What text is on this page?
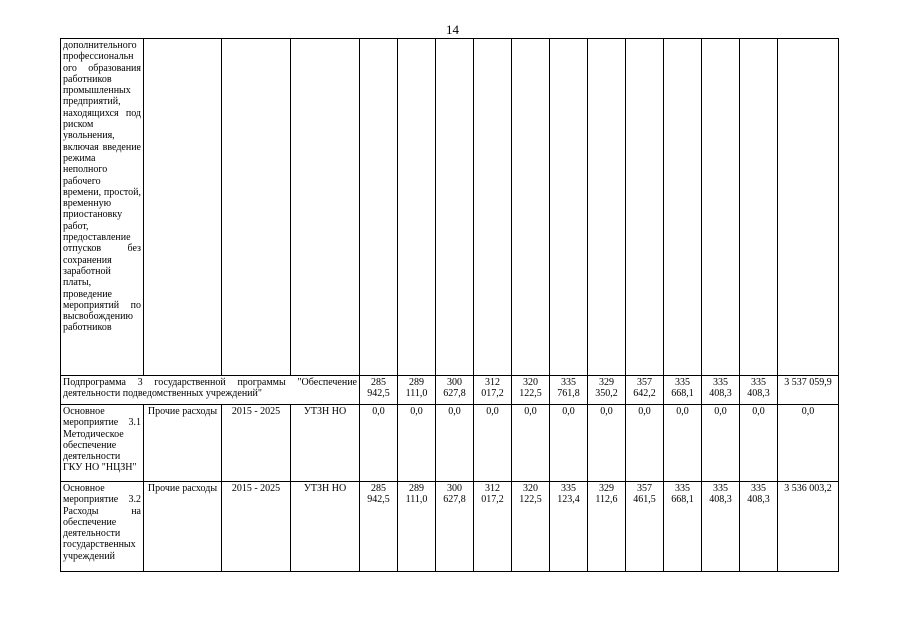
14
дополнительного профессиональн ого образования работников промышленных предприятий, находящихся под риском увольнения, включая введение режима неполного рабочего времени, простой, временную приостановку работ, предоставление отпусков без сохранения заработной платы, проведение мероприятий по высвобождению работников															
Подпрограмма 3 государственной программы "Обеспечение деятельности подведомственных учреждений"				285 942,5	289 111,0	300 627,8	312 017,2	320 122,5	335 761,8	329 350,2	357 642,2	335 668,1	335 408,3	335 408,3	3 537 059,9
Основное мероприятие 3.1 Методическое обеспечение деятельности ГКУ НО "НЦЗН"	Прочие расходы	2015 - 2025	УТЗН НО	0,0	0,0	0,0	0,0	0,0	0,0	0,0	0,0	0,0	0,0	0,0	0,0
Основное мероприятие 3.2 Расходы на обеспечение деятельности государственных учреждений	Прочие расходы	2015 - 2025	УТЗН НО	285 942,5	289 111,0	300 627,8	312 017,2	320 122,5	335 123,4	329 112,6	357 461,5	335 668,1	335 408,3	335 408,3	3 536 003,2
